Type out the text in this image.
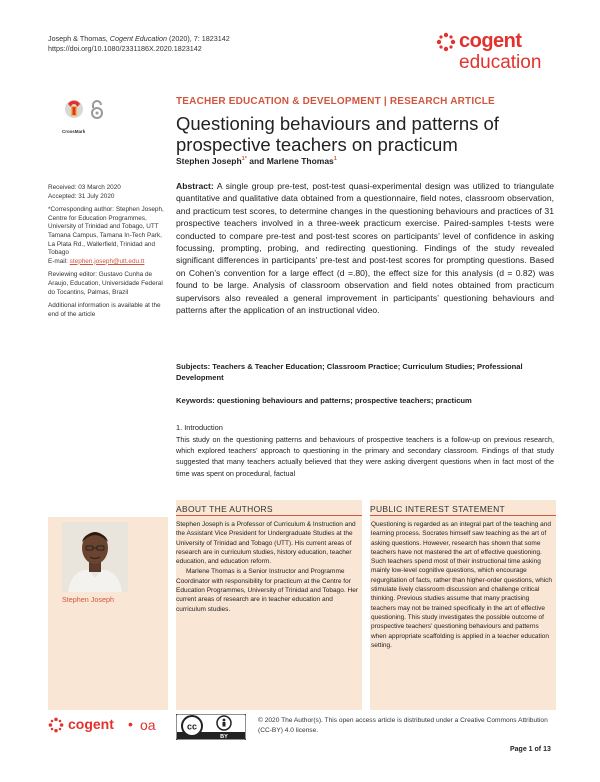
Joseph & Thomas, Cogent Education (2020), 7: 1823142
https://doi.org/10.1080/2331186X.2020.1823142	cogent
education
CrossMark
TEACHER EDUCATION & DEVELOPMENT | RESEARCH ARTICLE
Questioning behaviours and patterns of prospective teachers on practicum
Stephen Joseph$^{1*}$ and Marlene Thomas$^1$

Received: 03 March 2020

Accepted: 31 July 2020

*Corresponding author: Stephen Joseph, Centre for Education Programmes, University of Trinidad and Tobago, UTT Tamana Campus, Tamana In-Tech Park, La Plata Rd., Wallerfield, Trinidad and Tobago
E-mail: stephen.joseph@utt.edu.tt

Reviewing editor: Gustavo Cunha de Araujo, Education, Universidade Federal do Tocantins, Palmas, Brazil

Additional information is available at the end of the article

Abstract: A single group pre-test, post-test quasi-experimental design was utilized to triangulate quantitative and qualitative data obtained from a questionnaire, field notes, classroom observation, and practicum test scores, to determine changes in the questioning behaviours and practices of 31 prospective teachers involved in a three-week practicum exercise. Paired-samples t-tests were conducted to compare pre-test and post-test scores on participants’ level of confidence in asking focussing, prompting, probing, and redirecting questioning. Findings of the study revealed significant differences in participants’ pre-test and post-test scores for prompting questions. Based on Cohen’s convention for a large effect (d =.80), the effect size for this analysis (d = 0.82) was found to be large. Analysis of classroom observation and field notes obtained from practicum supervisors also revealed a general improvement in participants’ questioning behaviours and patterns after the application of an instructional video.
Subjects: Teachers & Teacher Education; Classroom Practice; Curriculum Studies; Professional Development
Keywords: questioning behaviours and patterns; prospective teachers; practicum
1. Introduction
This study on the questioning patterns and behaviours of prospective teachers is a follow-up on previous research, which explored teachers’ approach to questioning in the primary and secondary classroom. Findings of that study suggested that many teachers actually believed that they were asking divergent questions when in fact most of the time was spent on procedural, factual
ABOUT THE AUTHORS	PUBLIC INTEREST STATEMENT
Stephen Joseph

Stephen Joseph is a Professor of Curriculum & Instruction and the Assistant Vice President for Undergraduate Studies at the University of Trinidad and Tobago (UTT). His current areas of research are in curriculum studies, history education, teacher education, and education reform.

Marlene Thomas is a Senior Instructor and Programme Coordinator with responsibility for practicum at the Centre for Education Programmes, University of Trinidad and Tobago. Her current areas of research are in teacher education and curriculum studies.

Questioning is regarded as an integral part of the teaching and learning process. Socrates himself saw teaching as the art of asking questions. However, research has shown that some teachers have not mastered the art of effective questioning. Such teachers spend most of their instructional time asking mainly low-level cognitive questions, which encourage regurgitation of facts, rather than higher-order questions, which stimulate lively classroom discussion and challenge critical thinking. Previous studies assume that many practising teachers may not be trained specifically in the art of effective questioning. This study investigates the possible outcome of prospective teachers’ questioning behaviours and patterns when appropriate scaffolding is applied in a teacher education setting.
cogent • oa	cc
BY
© 2020 The Author(s). This open access article is distributed under a Creative Commons Attribution (CC-BY) 4.0 license.
Page 1 of 13
